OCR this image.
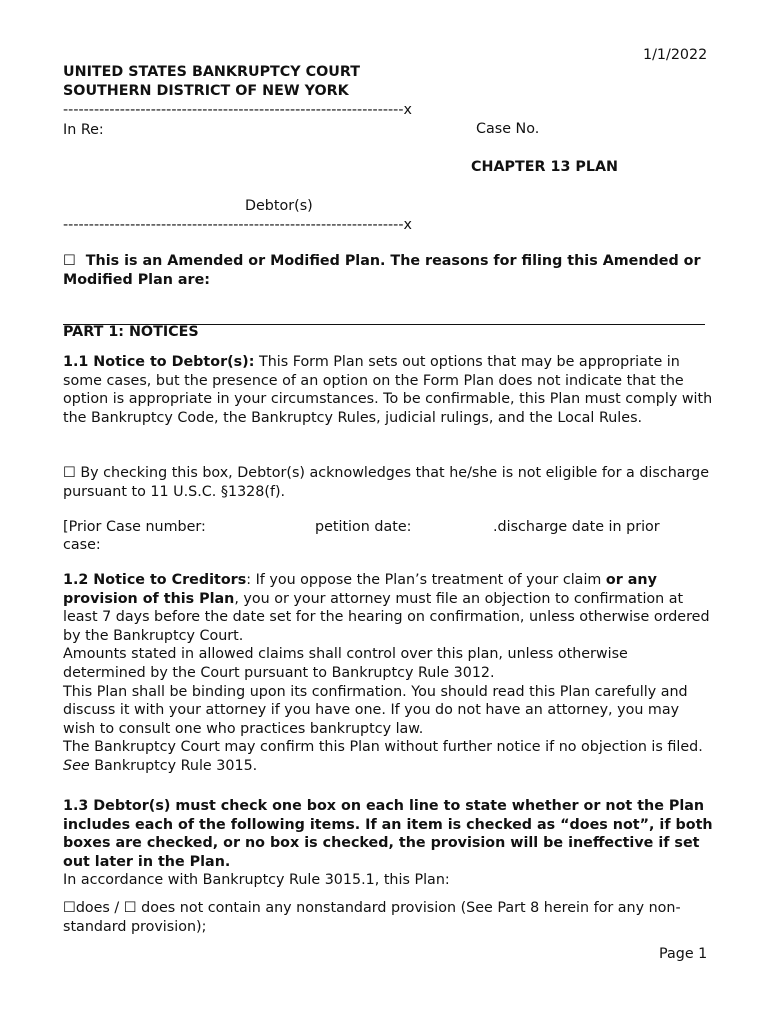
1/1/2022
UNITED STATES BANKRUPTCY COURT
SOUTHERN DISTRICT OF NEW YORK
------------------------------------------------------------------x
In Re:	Case No.
CHAPTER 13 PLAN
Debtor(s)
------------------------------------------------------------------x
☐ This is an Amended or Modified Plan. The reasons for filing this Amended or Modified Plan are:
PART 1: NOTICES
1.1 Notice to Debtor(s): This Form Plan sets out options that may be appropriate in some cases, but the presence of an option on the Form Plan does not indicate that the option is appropriate in your circumstances. To be confirmable, this Plan must comply with the Bankruptcy Code, the Bankruptcy Rules, judicial rulings, and the Local Rules.
☐ By checking this box, Debtor(s) acknowledges that he/she is not eligible for a discharge pursuant to 11 U.S.C. §1328(f).
[Prior Case number:	petition date:	.discharge date in prior
case:

1.2 Notice to Creditors: If you oppose the Plan’s treatment of your claim or any provision of this Plan, you or your attorney must file an objection to confirmation at least 7 days before the date set for the hearing on confirmation, unless otherwise ordered by the Bankruptcy Court.

Amounts stated in allowed claims shall control over this plan, unless otherwise determined by the Court pursuant to Bankruptcy Rule 3012.

This Plan shall be binding upon its confirmation. You should read this Plan carefully and discuss it with your attorney if you have one. If you do not have an attorney, you may wish to consult one who practices bankruptcy law.

The Bankruptcy Court may confirm this Plan without further notice if no objection is filed. See Bankruptcy Rule 3015.

1.3 Debtor(s) must check one box on each line to state whether or not the Plan includes each of the following items. If an item is checked as “does not”, if both boxes are checked, or no box is checked, the provision will be ineffective if set out later in the Plan.

In accordance with Bankruptcy Rule 3015.1, this Plan:

☐does / ☐ does not contain any nonstandard provision (See Part 8 herein for any non-standard provision);
Page 1
